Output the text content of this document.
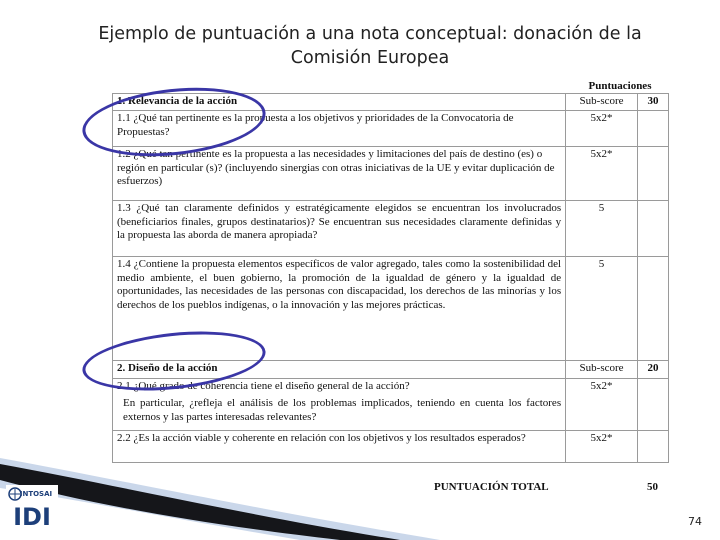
Ejemplo de puntuación a una nota conceptual: donación de la
Comisión Europea
Puntuaciones
1. Relevancia de la acción	Sub-score	30
1.1 ¿Qué tan pertinente es la propuesta a los objetivos y prioridades de la Convocatoria de Propuestas?	5x2*	
1.2 ¿Qué tan pertinente es la propuesta a las necesidades y limitaciones del país de destino (es) o región en particular (s)? (incluyendo sinergias con otras iniciativas de la UE y evitar duplicación de esfuerzos)	5x2*	
1.3 ¿Qué tan claramente definidos y estratégicamente elegidos se encuentran los involucrados (beneficiarios finales, grupos destinatarios)? Se encuentran sus necesidades claramente definidas y la propuesta las aborda de manera apropiada?	5	
1.4 ¿Contiene la propuesta elementos específicos de valor agregado, tales como la sostenibilidad del medio ambiente, el buen gobierno, la promoción de la igualdad de género y la igualdad de oportunidades, las necesidades de las personas con discapacidad, los derechos de las minorías y los derechos de los pueblos indígenas, o la innovación y las mejores prácticas.	5	
2. Diseño de la acción	Sub-score	20

2.1 ¿Qué grado de coherencia tiene el diseño general de la acción?
En particular, ¿refleja el análisis de los problemas implicados, teniendo en cuenta los factores externos y las partes interesadas relevantes?	5x2*	
2.2 ¿Es la acción viable y coherente en relación con los objetivos y los resultados esperados?	5x2*	
PUNTUACIÓN TOTAL	50
INTOSAI
IDI	74
